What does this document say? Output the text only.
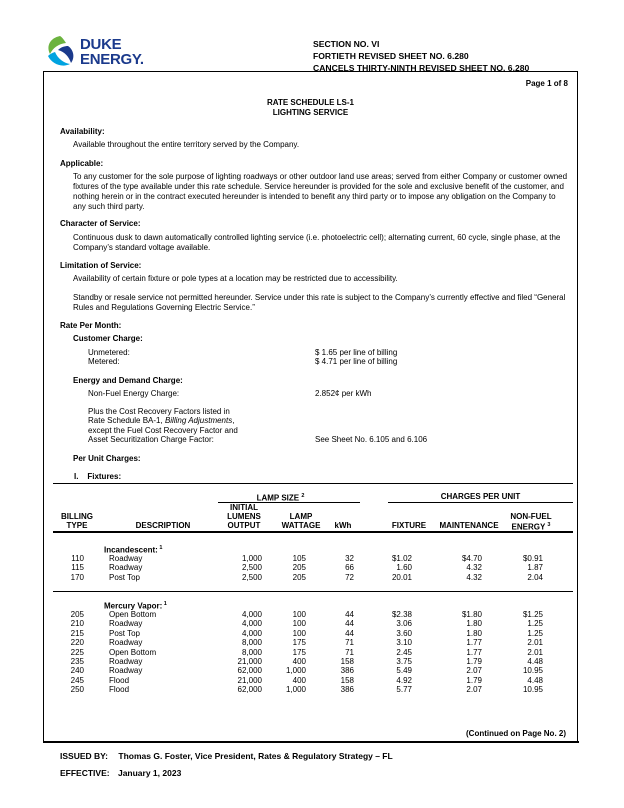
DUKE
ENERGY.
SECTION NO. VI
FORTIETH REVISED SHEET NO. 6.280
CANCELS THIRTY-NINTH REVISED SHEET NO. 6.280
Page 1 of 8
RATE SCHEDULE LS-1
LIGHTING SERVICE
Availability:
Available throughout the entire territory served by the Company.
Applicable:
To any customer for the sole purpose of lighting roadways or other outdoor land use areas; served from either Company or customer owned fixtures of the type available under this rate schedule. Service hereunder is provided for the sole and exclusive benefit of the customer, and nothing herein or in the contract executed hereunder is intended to benefit any third party or to impose any obligation on the Company to any such third party.
Character of Service:
Continuous dusk to dawn automatically controlled lighting service (i.e. photoelectric cell); alternating current, 60 cycle, single phase, at the Company’s standard voltage available.
Limitation of Service:
Availability of certain fixture or pole types at a location may be restricted due to accessibility.
Standby or resale service not permitted hereunder. Service under this rate is subject to the Company’s currently effective and filed “General Rules and Regulations Governing Electric Service.”
Rate Per Month:
Customer Charge:
Unmetered:	$ 1.65 per line of billing
Metered:	$ 4.71 per line of billing
Energy and Demand Charge:
Non-Fuel Energy Charge:	2.852¢ per kWh
Plus the Cost Recovery Factors listed in
Rate Schedule BA-1, Billing Adjustments,
except the Fuel Cost Recovery Factor and
Asset Securitization Charge Factor:	See Sheet No. 6.105 and 6.106
Per Unit Charges:
I.    Fixtures:
LAMP SIZE $^2$	CHARGES PER UNIT
BILLING
TYPE	DESCRIPTION
INITIAL
LUMENS
OUTPUT
LAMP
WATTAGE	kWh	FIXTURE	MAINTENANCE
NON-FUEL
ENERGY $^3$
Incandescent: $^1$
110	Roadway	1,000	105	32	$1.02	$4.70	$0.91
115	Roadway	2,500	205	66	1.60	4.32	1.87
170	Post Top	2,500	205	72	20.01	4.32	2.04
Mercury Vapor: $^1$
205	Open Bottom	4,000	100	44	$2.38	$1.80	$1.25
210	Roadway	4,000	100	44	3.06	1.80	1.25
215	Post Top	4,000	100	44	3.60	1.80	1.25
220	Roadway	8,000	175	71	3.10	1.77	2.01
225	Open Bottom	8,000	175	71	2.45	1.77	2.01
235	Roadway	21,000	400	158	3.75	1.79	4.48
240	Roadway	62,000	1,000	386	5.49	2.07	10.95
245	Flood	21,000	400	158	4.92	1.79	4.48
250	Flood	62,000	1,000	386	5.77	2.07	10.95
(Continued on Page No. 2)
ISSUED BY: Thomas G. Foster, Vice President, Rates & Regulatory Strategy – FL
EFFECTIVE: January 1, 2023
